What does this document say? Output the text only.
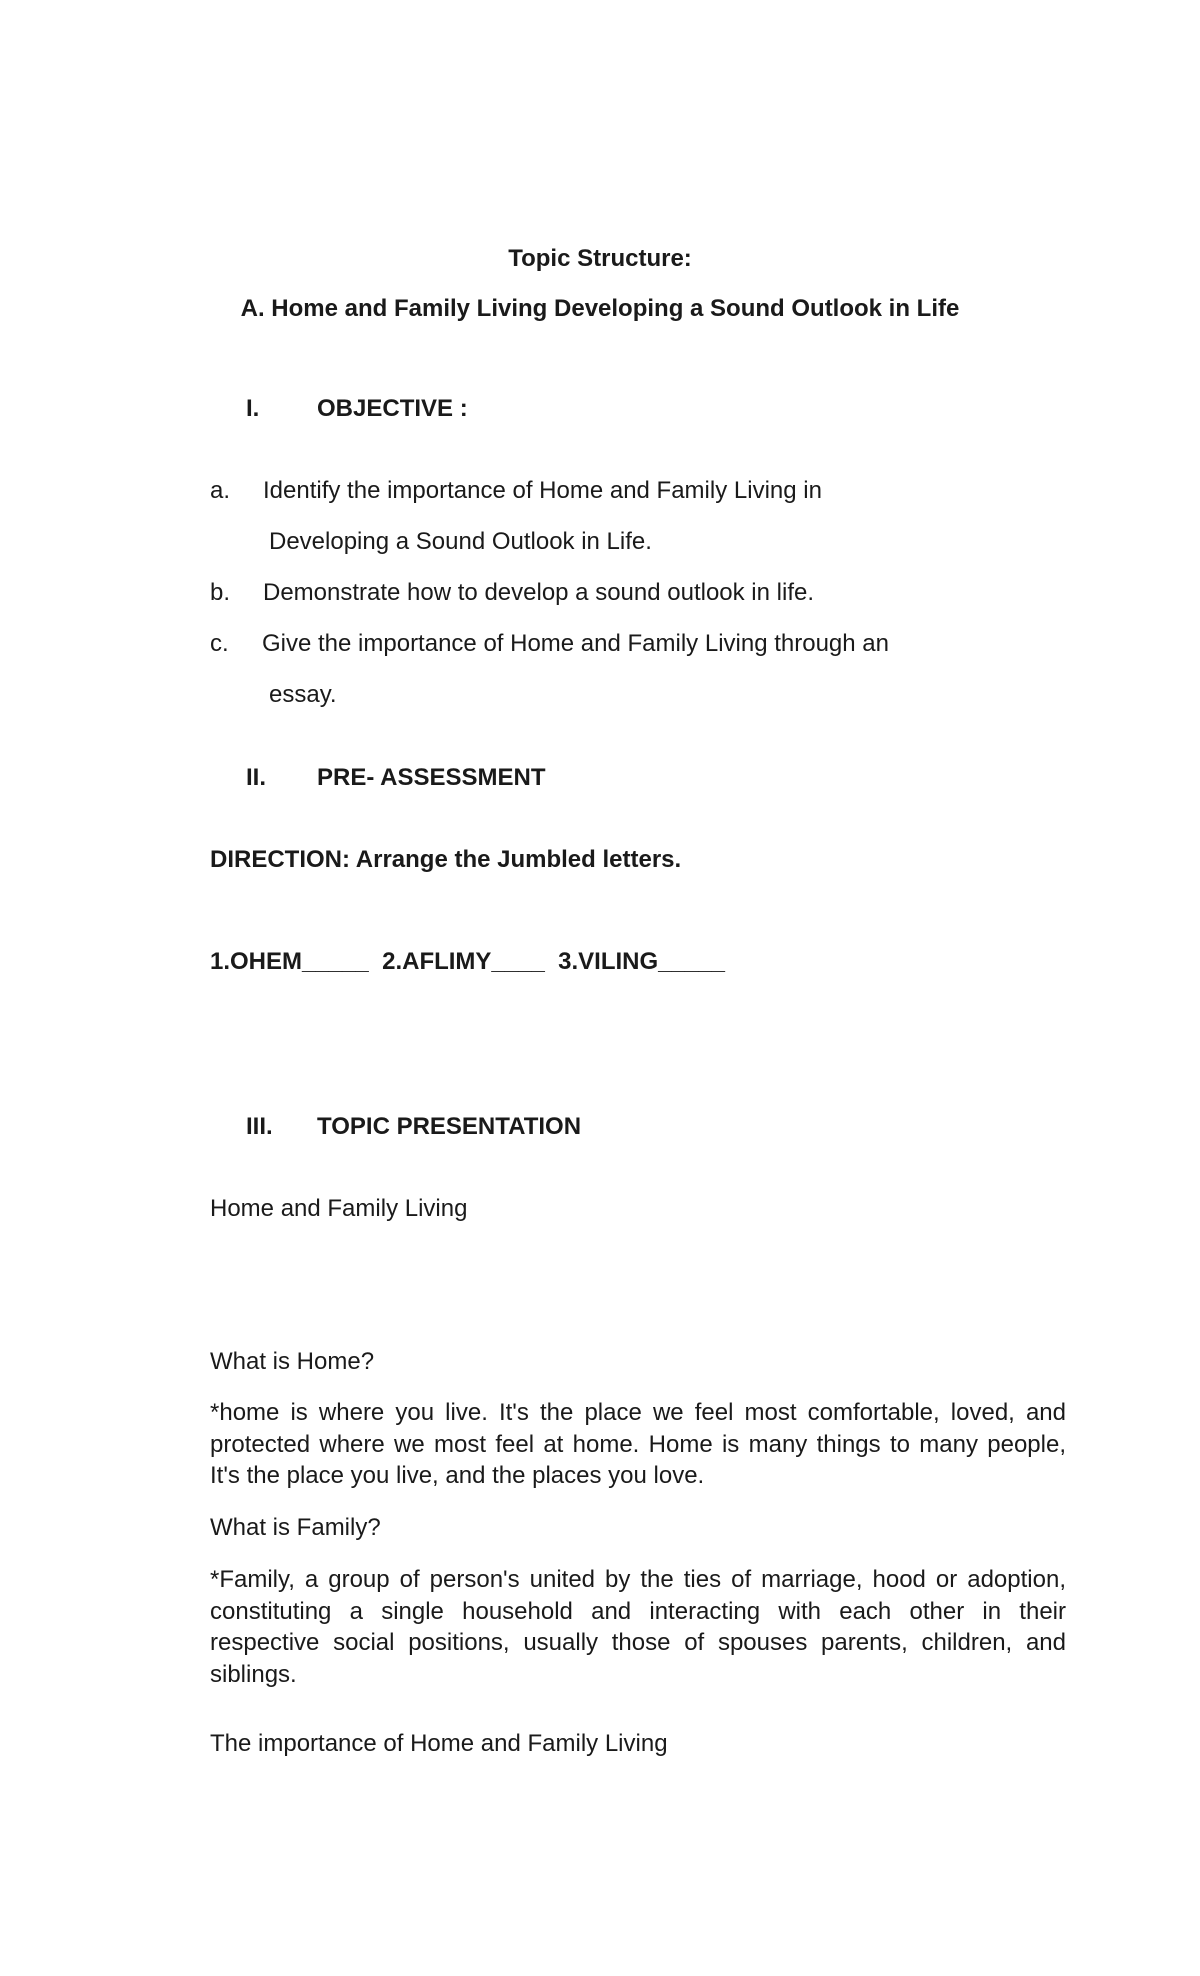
Topic Structure:
A. Home and Family Living Developing a Sound Outlook in Life
I. OBJECTIVE :
a. Identify the importance of Home and Family Living in
Developing a Sound Outlook in Life.
b. Demonstrate how to develop a sound outlook in life.
c. Give the importance of Home and Family Living through an
essay.
II. PRE- ASSESSMENT
DIRECTION: Arrange the Jumbled letters.
1.OHEM_____  2.AFLIMY____  3.VILING_____
III. TOPIC PRESENTATION
Home and Family Living
What is Home?

*home is where you live. It's the place we feel most comfortable, loved, and protected where we most feel at home. Home is many things to many people, It's the place you live, and the places you love.

What is Family?

*Family, a group of person's united by the ties of marriage, hood or adoption, constituting a single household and interacting with each other in their respective social positions, usually those of spouses parents, children, and siblings.

The importance of Home and Family Living
